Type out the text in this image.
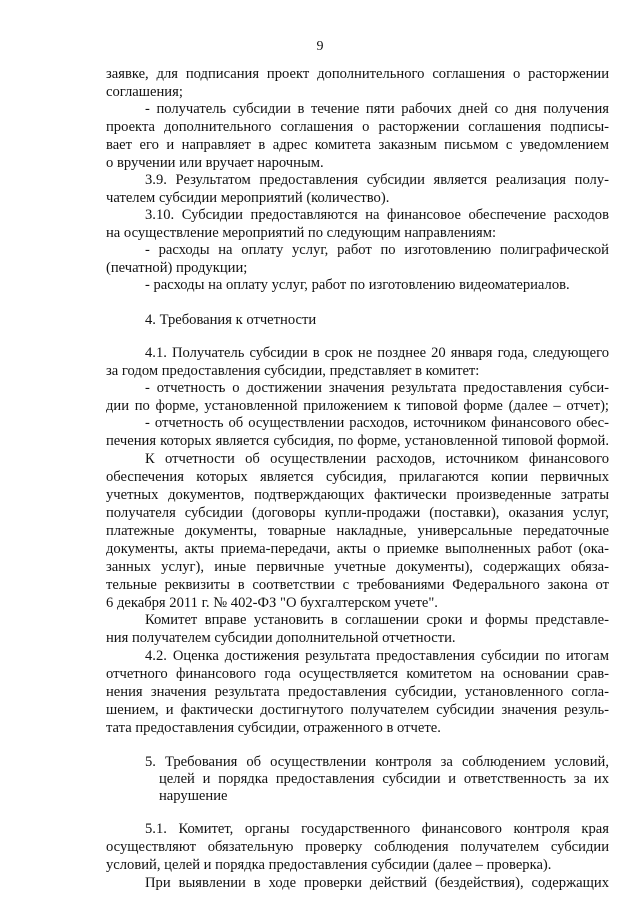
9

заявке, для подписания проект дополнительного соглашения о расторжении

соглашения;

- получатель субсидии в течение пяти рабочих дней со дня получения

проекта дополнительного соглашения о расторжении соглашения подписы-

вает его и направляет в адрес комитета заказным письмом с уведомлением

о вручении или вручает нарочным.

3.9. Результатом предоставления субсидии является реализация полу-

чателем субсидии мероприятий (количество).

3.10. Субсидии предоставляются на финансовое обеспечение расходов

на осуществление мероприятий по следующим направлениям:

- расходы на оплату услуг, работ по изготовлению полиграфической

(печатной) продукции;

- расходы на оплату услуг, работ по изготовлению видеоматериалов.

4. Требования к отчетности

4.1. Получатель субсидии в срок не позднее 20 января года, следующего

за годом предоставления субсидии, представляет в комитет:

- отчетность о достижении значения результата предоставления субси-

дии по форме, установленной приложением к типовой форме (далее – отчет);

- отчетность об осуществлении расходов, источником финансового обес-

печения которых является субсидия, по форме, установленной типовой формой.

К отчетности об осуществлении расходов, источником финансового

обеспечения которых является субсидия, прилагаются копии первичных

учетных документов, подтверждающих фактически произведенные затраты

получателя субсидии (договоры купли-продажи (поставки), оказания услуг,

платежные документы, товарные накладные, универсальные передаточные

документы, акты приема-передачи, акты о приемке выполненных работ (ока-

занных услуг), иные первичные учетные документы), содержащих обяза-

тельные реквизиты в соответствии с требованиями Федерального закона от

6 декабря 2011 г. № 402-ФЗ "О бухгалтерском учете".

Комитет вправе установить в соглашении сроки и формы представле-

ния получателем субсидии дополнительной отчетности.

4.2. Оценка достижения результата предоставления субсидии по итогам

отчетного финансового года осуществляется комитетом на основании срав-

нения значения результата предоставления субсидии, установленного согла-

шением, и фактически достигнутого получателем субсидии значения резуль-

тата предоставления субсидии, отраженного в отчете.

5. Требования об осуществлении контроля за соблюдением условий,

целей и порядка предоставления субсидии и ответственность за их

нарушение

5.1. Комитет, органы государственного финансового контроля края

осуществляют обязательную проверку соблюдения получателем субсидии

условий, целей и порядка предоставления субсидии (далее – проверка).

При выявлении в ходе проверки действий (бездействия), содержащих
